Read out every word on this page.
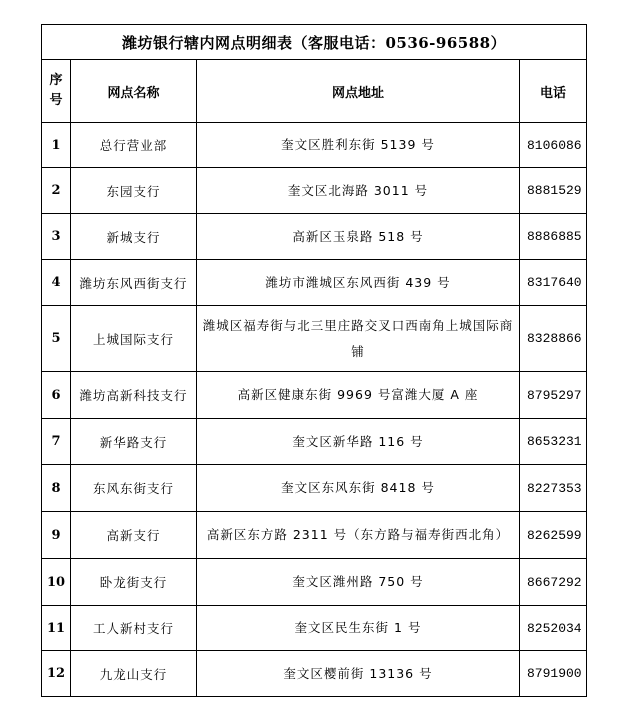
潍坊银行辖内网点明细表（客服电话：0536-96588）			

序
号	网点名称	网点地址	电话
1	总行营业部	奎文区胜利东街 5139 号	8106086
2	东园支行	奎文区北海路 3011 号	8881529
3	新城支行	高新区玉泉路 518 号	8886885
4	潍坊东风西街支行	潍坊市潍城区东风西街 439 号	8317640
5	上城国际支行	潍城区福寿街与北三里庄路交叉口西南角上城国际商铺	8328866
6	潍坊高新科技支行	高新区健康东街 9969 号富潍大厦 A 座	8795297
7	新华路支行	奎文区新华路 116 号	8653231
8	东风东街支行	奎文区东风东街 8418 号	8227353
9	高新支行	高新区东方路 2311 号（东方路与福寿街西北角）	8262599
10	卧龙街支行	奎文区潍州路 750 号	8667292
11	工人新村支行	奎文区民生东街 1 号	8252034
12	九龙山支行	奎文区樱前街 13136 号	8791900
